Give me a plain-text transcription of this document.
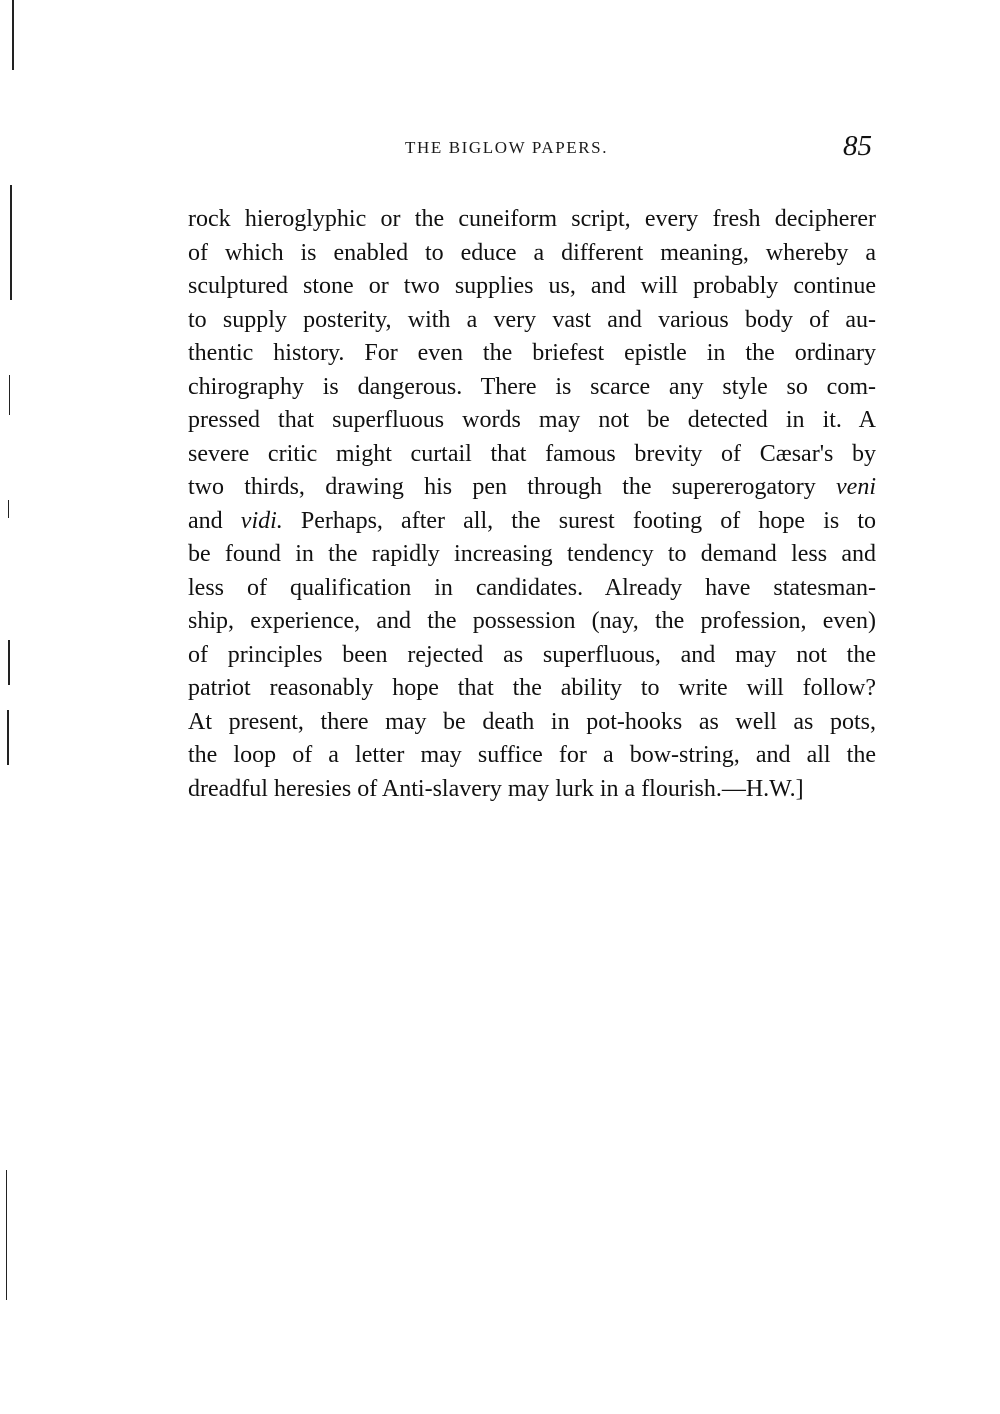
THE BIGLOW PAPERS.	85
rock hieroglyphic or the cuneiform script, every fresh decipherer
of which is enabled to educe a different meaning, whereby a
sculptured stone or two supplies us, and will probably continue
to supply posterity, with a very vast and various body of au-
thentic history. For even the briefest epistle in the ordinary
chirography is dangerous. There is scarce any style so com-
pressed that superfluous words may not be detected in it. A
severe critic might curtail that famous brevity of Cæsar's by
two thirds, drawing his pen through the supererogatory veni
and vidi. Perhaps, after all, the surest footing of hope is to
be found in the rapidly increasing tendency to demand less and
less of qualification in candidates. Already have statesman-
ship, experience, and the possession (nay, the profession, even)
of principles been rejected as superfluous, and may not the
patriot reasonably hope that the ability to write will follow?
At present, there may be death in pot-hooks as well as pots,
the loop of a letter may suffice for a bow-string, and all the
dreadful heresies of Anti-slavery may lurk in a flourish.—H.W.]
